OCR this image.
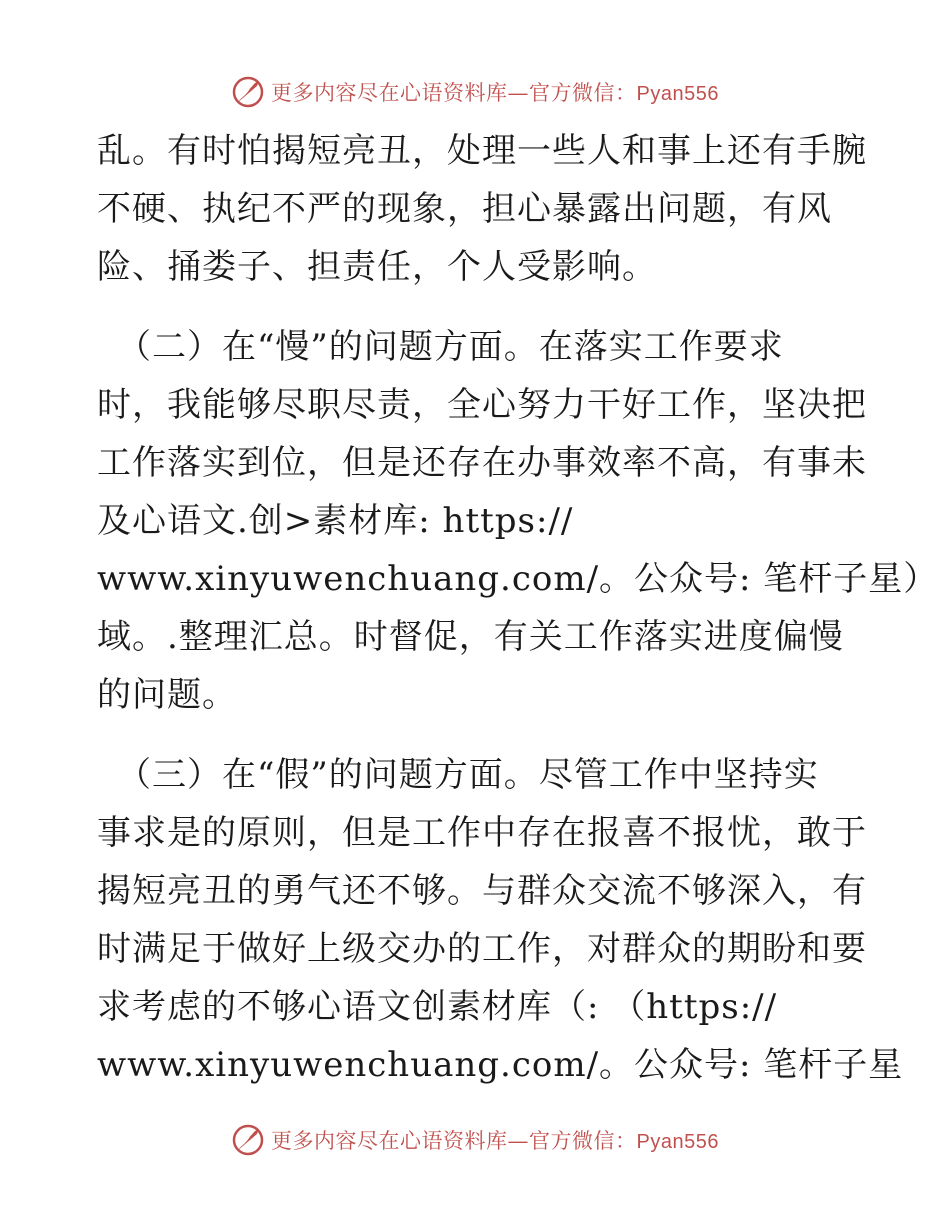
更多内容尽在心语资料库—官方微信：Pyan556
乱。有时怕揭短亮丑，处理一些人和事上还有手腕
不硬、执纪不严的现象，担心暴露出问题，有风
险、捅娄子、担责任，个人受影响。
（二）在“慢”的问题方面。在落实工作要求
时，我能够尽职尽责，全心努力干好工作，坚决把
工作落实到位，但是还存在办事效率不高，有事未
及心语文.创>素材库: https://
www.xinyuwenchuang.com/。公众号: 笔杆子星）
域。.整理汇总。时督促，有关工作落实进度偏慢
的问题。
（三）在“假”的问题方面。尽管工作中坚持实
事求是的原则，但是工作中存在报喜不报忧，敢于
揭短亮丑的勇气还不够。与群众交流不够深入，有
时满足于做好上级交办的工作，对群众的期盼和要
求考虑的不够心语文创素材库（: （https://
www.xinyuwenchuang.com/。公众号: 笔杆子星
更多内容尽在心语资料库—官方微信：Pyan556
